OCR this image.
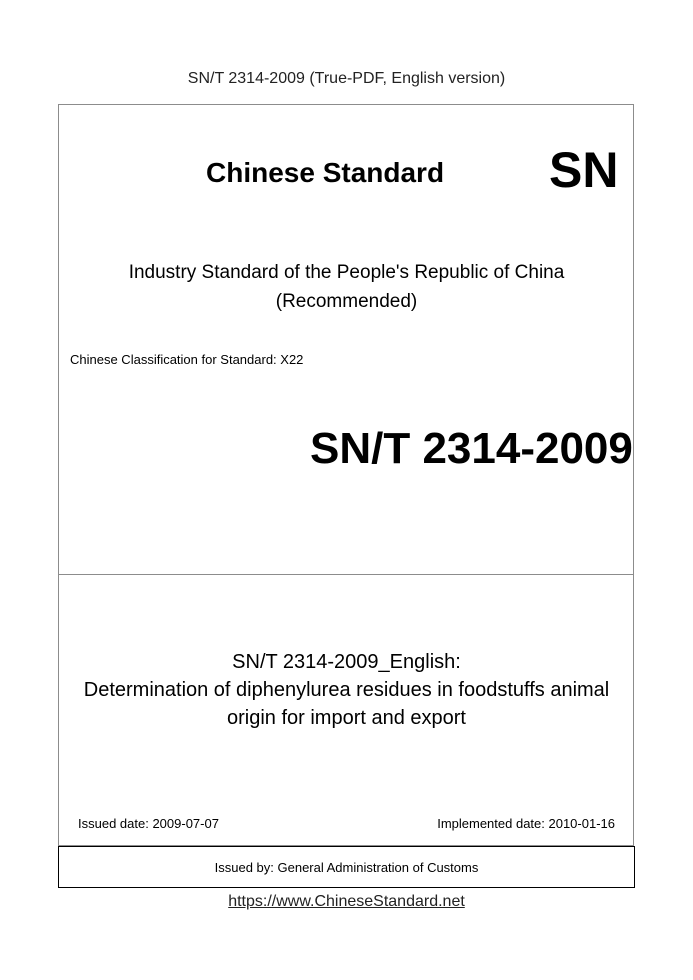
SN/T 2314-2009 (True-PDF, English version)
Issued by: General Administration of Customs
Chinese Standard SN
Industry Standard of the People's Republic of China
(Recommended)
Chinese Classification for Standard: X22
SN/T 2314-2009
SN/T 2314-2009_English:
Determination of diphenylurea residues in foodstuffs animal
origin for import and export
Issued date: 2009-07-07	Implemented date: 2010-01-16
https://www.ChineseStandard.net
